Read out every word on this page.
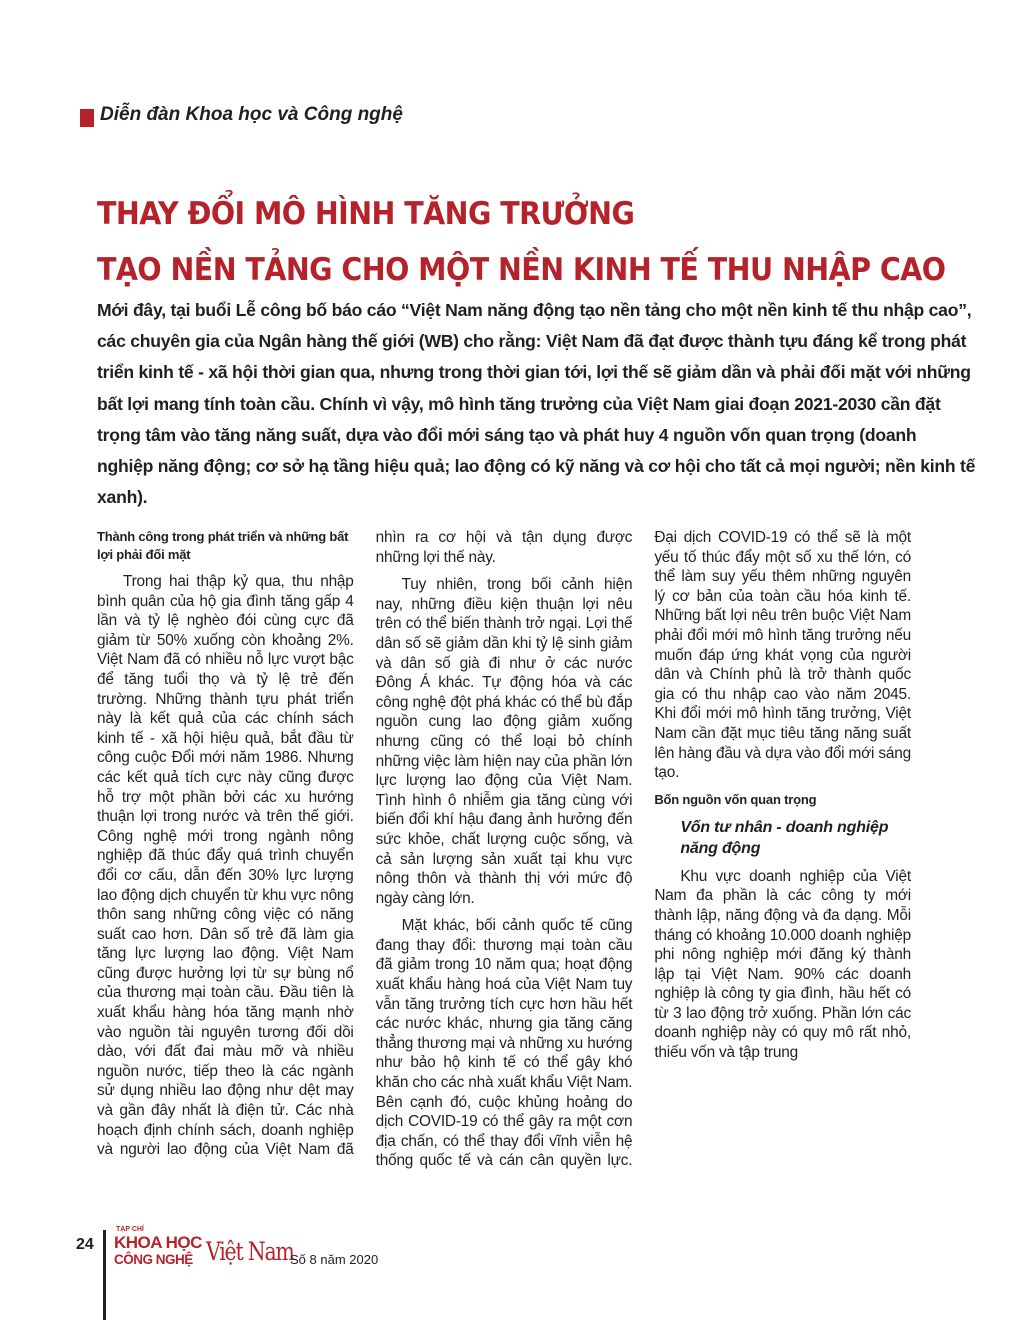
Diễn đàn Khoa học và Công nghệ
THAY ĐỔI MÔ HÌNH TĂNG TRƯỞNG
TẠO NỀN TẢNG CHO MỘT NỀN KINH TẾ THU NHẬP CAO

Mới đây, tại buổi Lễ công bố báo cáo “Việt Nam năng động tạo nền tảng cho một nền kinh tế thu nhập cao”, các chuyên gia của Ngân hàng thế giới (WB) cho rằng: Việt Nam đã đạt được thành tựu đáng kể trong phát triển kinh tế - xã hội thời gian qua, nhưng trong thời gian tới, lợi thế sẽ giảm dần và phải đối mặt với những bất lợi mang tính toàn cầu. Chính vì vậy, mô hình tăng trưởng của Việt Nam giai đoạn 2021-2030 cần đặt trọng tâm vào tăng năng suất, dựa vào đổi mới sáng tạo và phát huy 4 nguồn vốn quan trọng (doanh nghiệp năng động; cơ sở hạ tầng hiệu quả; lao động có kỹ năng và cơ hội cho tất cả mọi người; nền kinh tế xanh).

Thành công trong phát triển và những bất lợi phải đối mặt

Trong hai thập kỷ qua, thu nhập bình quân của hộ gia đình tăng gấp 4 lần và tỷ lệ nghèo đói cùng cực đã giảm từ 50% xuống còn khoảng 2%. Việt Nam đã có nhiều nỗ lực vượt bậc để tăng tuổi thọ và tỷ lệ trẻ đến trường. Những thành tựu phát triển này là kết quả của các chính sách kinh tế - xã hội hiệu quả, bắt đầu từ công cuộc Đổi mới năm 1986. Nhưng các kết quả tích cực này cũng được hỗ trợ một phần bởi các xu hướng thuận lợi trong nước và trên thế giới. Công nghệ mới trong ngành nông nghiệp đã thúc đẩy quá trình chuyển đổi cơ cấu, dẫn đến 30% lực lượng lao động dịch chuyển từ khu vực nông thôn sang những công việc có năng suất cao hơn. Dân số trẻ đã làm gia tăng lực lượng lao động. Việt Nam cũng được hưởng lợi từ sự bùng nổ của thương mại toàn cầu. Đầu tiên là xuất khẩu hàng hóa tăng mạnh nhờ vào nguồn tài nguyên tương đối dồi dào, với đất đai màu mỡ và nhiều nguồn nước, tiếp theo là các ngành sử dụng nhiều lao động như dệt may và gần đây nhất là điện tử. Các nhà hoạch định chính sách, doanh nghiệp và người lao động của Việt Nam đã nhìn ra cơ hội và tận dụng được những lợi thế này.

Tuy nhiên, trong bối cảnh hiện nay, những điều kiện thuận lợi nêu trên có thể biến thành trở ngại. Lợi thế dân số sẽ giảm dần khi tỷ lệ sinh giảm và dân số già đi như ở các nước Đông Á khác. Tự động hóa và các công nghệ đột phá khác có thể bù đắp nguồn cung lao động giảm xuống nhưng cũng có thể loại bỏ chính những việc làm hiện nay của phần lớn lực lượng lao động của Việt Nam. Tình hình ô nhiễm gia tăng cùng với biến đổi khí hậu đang ảnh hưởng đến sức khỏe, chất lượng cuộc sống, và cả sản lượng sản xuất tại khu vực nông thôn và thành thị với mức độ ngày càng lớn.

Mặt khác, bối cảnh quốc tế cũng đang thay đổi: thương mại toàn cầu đã giảm trong 10 năm qua; hoạt động xuất khẩu hàng hoá của Việt Nam tuy vẫn tăng trưởng tích cực hơn hầu hết các nước khác, nhưng gia tăng căng thẳng thương mại và những xu hướng như bảo hộ kinh tế có thể gây khó khăn cho các nhà xuất khẩu Việt Nam. Bên cạnh đó, cuộc khủng hoảng do dịch COVID-19 có thể gây ra một cơn địa chấn, có thể thay đổi vĩnh viễn hệ thống quốc tế và cán cân quyền lực. Đại dịch COVID-19 có thể sẽ là một yếu tố thúc đẩy một số xu thế lớn, có thể làm suy yếu thêm những nguyên lý cơ bản của toàn cầu hóa kinh tế. Những bất lợi nêu trên buộc Việt Nam phải đổi mới mô hình tăng trưởng nếu muốn đáp ứng khát vọng của người dân và Chính phủ là trở thành quốc gia có thu nhập cao vào năm 2045. Khi đổi mới mô hình tăng trưởng, Việt Nam cần đặt mục tiêu tăng năng suất lên hàng đầu và dựa vào đổi mới sáng tạo.

Bốn nguồn vốn quan trọng
Vốn tư nhân - doanh nghiệp năng động

Khu vực doanh nghiệp của Việt Nam đa phần là các công ty mới thành lập, năng động và đa dạng. Mỗi tháng có khoảng 10.000 doanh nghiệp phi nông nghiệp mới đăng ký thành lập tại Việt Nam. 90% các doanh nghiệp là công ty gia đình, hầu hết có từ 3 lao động trở xuống. Phần lớn các doanh nghiệp này có quy mô rất nhỏ, thiếu vốn và tập trung

24
TẠP CHÍ
KHOA HỌC
CÔNG NGHỆ Việt Nam
Số 8 năm 2020
